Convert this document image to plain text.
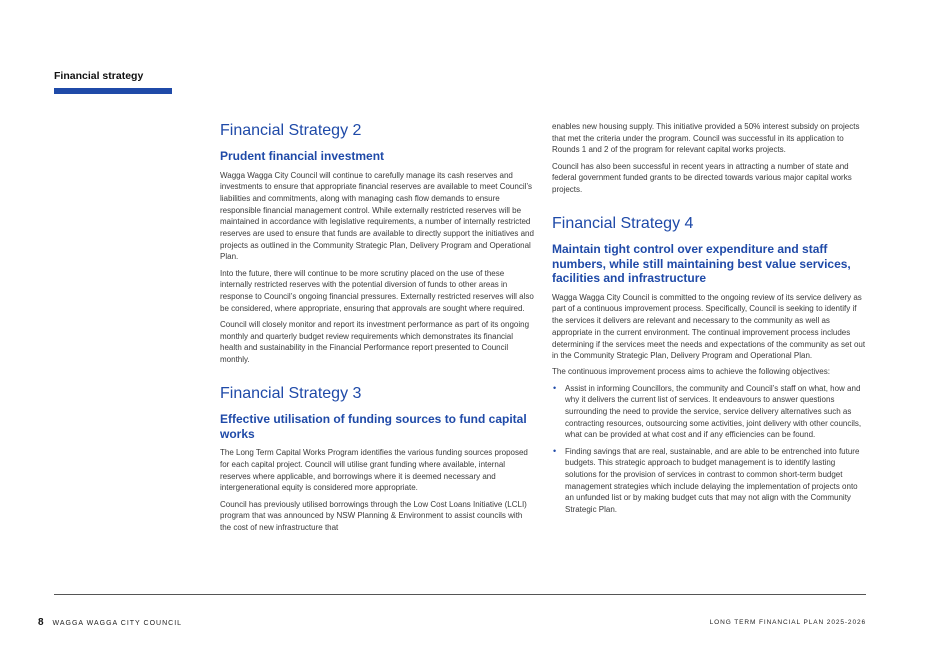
Financial strategy
Financial Strategy 2
Prudent financial investment

Wagga Wagga City Council will continue to carefully manage its cash reserves and investments to ensure that appropriate financial reserves are available to meet Council’s liabilities and commitments, along with managing cash flow demands to ensure responsible financial management control. While externally restricted reserves will be maintained in accordance with legislative requirements, a number of internally restricted reserves are used to ensure that funds are available to directly support the initiatives and projects as outlined in the Community Strategic Plan, Delivery Program and Operational Plan.

Into the future, there will continue to be more scrutiny placed on the use of these internally restricted reserves with the potential diversion of funds to other areas in response to Council’s ongoing financial pressures. Externally restricted reserves will also be considered, where appropriate, ensuring that approvals are sought where required.

Council will closely monitor and report its investment performance as part of its ongoing monthly and quarterly budget review requirements which demonstrates its financial health and sustainability in the Financial Performance report presented to Council monthly.

Financial Strategy 3
Effective utilisation of funding sources to fund capital works

The Long Term Capital Works Program identifies the various funding sources proposed for each capital project. Council will utilise grant funding where available, internal reserves where applicable, and borrowings where it is deemed necessary and intergenerational equity is considered more appropriate.

Council has previously utilised borrowings through the Low Cost Loans Initiative (LCLI) program that was announced by NSW Planning & Environment to assist councils with the cost of new infrastructure that

enables new housing supply. This initiative provided a 50% interest subsidy on projects that met the criteria under the program. Council was successful in its application to Rounds 1 and 2 of the program for relevant capital works projects.

Council has also been successful in recent years in attracting a number of state and federal government funded grants to be directed towards various major capital works projects.

Financial Strategy 4
Maintain tight control over expenditure and staff numbers, while still maintaining best value services, facilities and infrastructure

Wagga Wagga City Council is committed to the ongoing review of its service delivery as part of a continuous improvement process. Specifically, Council is seeking to identify if the services it delivers are relevant and necessary to the community as well as appropriate in the current environment. The continual improvement process includes determining if the services meet the needs and expectations of the community as set out in the Community Strategic Plan, Delivery Program and Operational Plan.

The continuous improvement process aims to achieve the following objectives:

• Assist in informing Councillors, the community and Council’s staff on what, how and why it delivers the current list of services. It endeavours to answer questions surrounding the need to provide the service, service delivery alternatives such as contracting resources, outsourcing some activities, joint delivery with other councils, what can be provided at what cost and if any efficiencies can be found.
• Finding savings that are real, sustainable, and are able to be entrenched into future budgets. This strategic approach to budget management is to identify lasting solutions for the provision of services in contrast to common short-term budget management strategies which include delaying the implementation of projects onto an unfunded list or by making budget cuts that may not align with the Community Strategic Plan.
8 WAGGA WAGGA CITY COUNCIL	LONG TERM FINANCIAL PLAN 2025-2026
